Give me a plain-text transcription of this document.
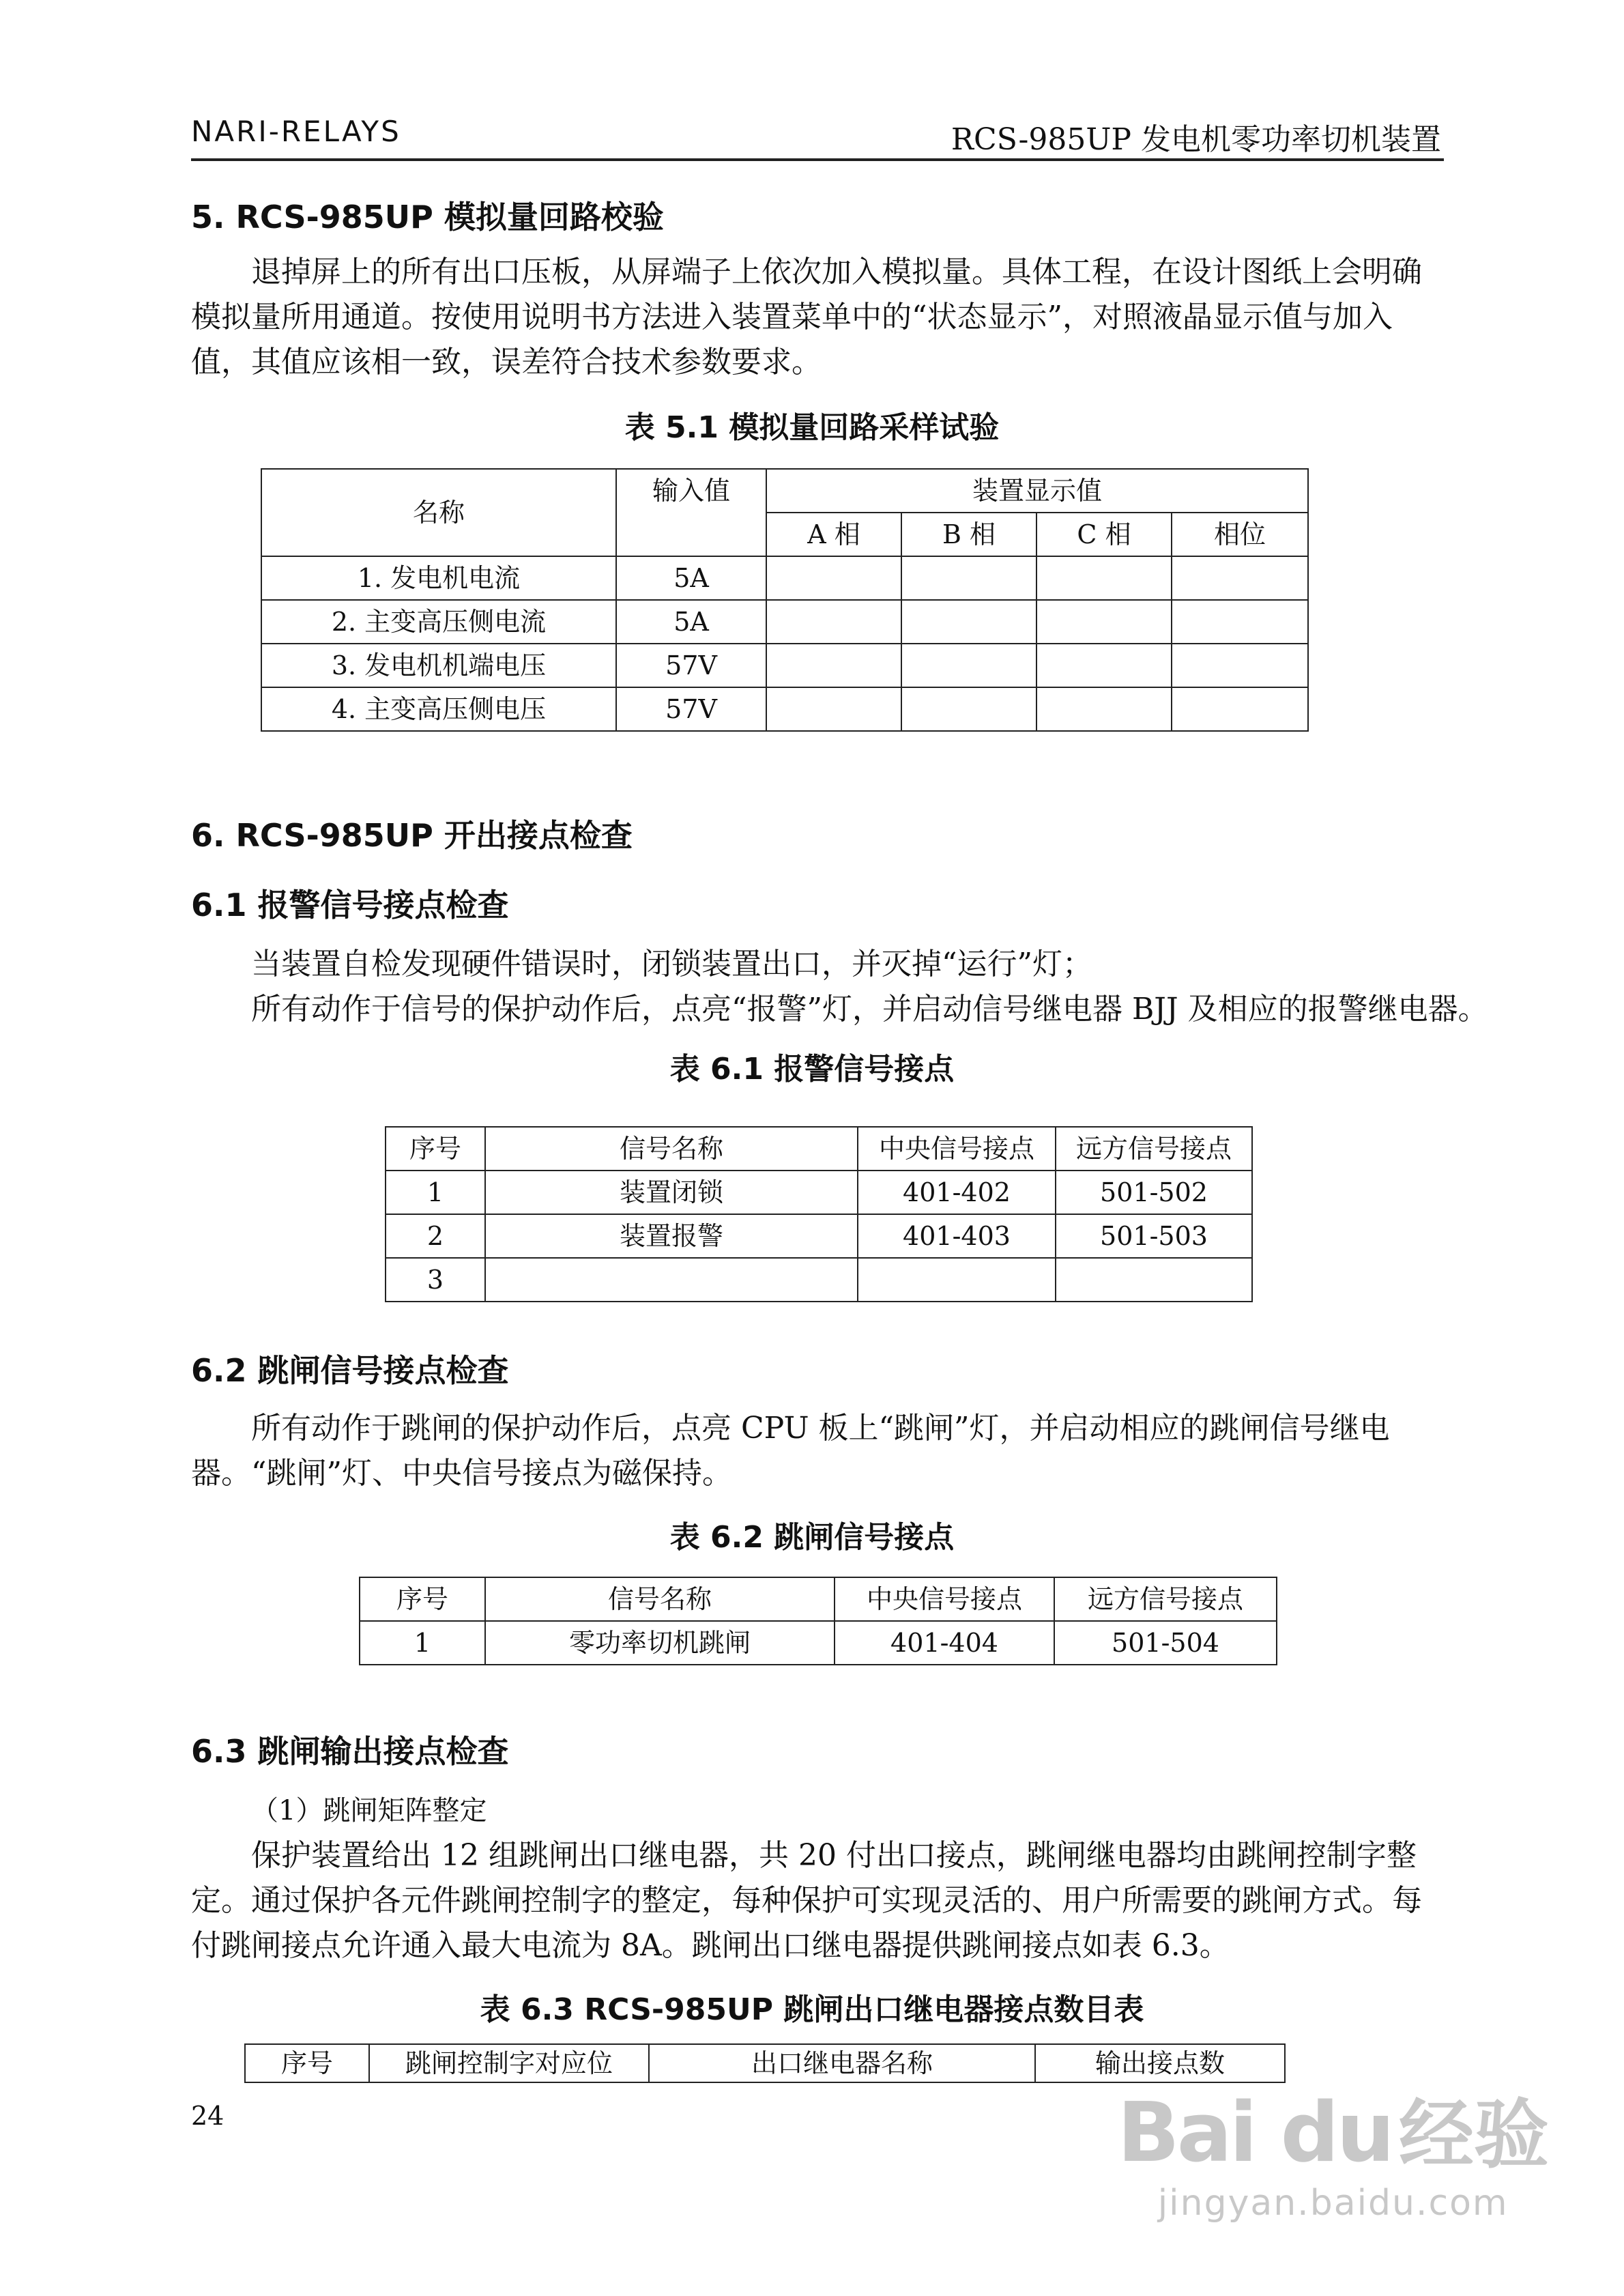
NARI-RELAYS	RCS-985UP 发电机零功率切机装置
5. RCS-985UP 模拟量回路校验
退掉屏上的所有出口压板，从屏端子上依次加入模拟量。具体工程，在设计图纸上会明确模拟量所用通道。按使用说明书方法进入装置菜单中的“状态显示”，对照液晶显示值与加入值，其值应该相一致，误差符合技术参数要求。
表 5.1 模拟量回路采样试验
名称	输入值	装置显示值			
		A 相	B 相	C 相	相位
1. 发电机电流	5A				
2. 主变高压侧电流	5A				
3. 发电机机端电压	57V				
4. 主变高压侧电压	57V				
6. RCS-985UP 开出接点检查
6.1 报警信号接点检查
当装置自检发现硬件错误时，闭锁装置出口，并灭掉“运行”灯；
所有动作于信号的保护动作后，点亮“报警”灯，并启动信号继电器 BJJ 及相应的报警继电器。
表 6.1 报警信号接点
序号	信号名称	中央信号接点	远方信号接点
1	装置闭锁	401-402	501-502
2	装置报警	401-403	501-503
3			
6.2 跳闸信号接点检查
所有动作于跳闸的保护动作后，点亮 CPU 板上“跳闸”灯，并启动相应的跳闸信号继电器。“跳闸”灯、中央信号接点为磁保持。
表 6.2 跳闸信号接点
序号	信号名称	中央信号接点	远方信号接点
1	零功率切机跳闸	401-404	501-504
6.3 跳闸输出接点检查
（1）跳闸矩阵整定
保护装置给出 12 组跳闸出口继电器，共 20 付出口接点，跳闸继电器均由跳闸控制字整定。通过保护各元件跳闸控制字的整定，每种保护可实现灵活的、用户所需要的跳闸方式。每付跳闸接点允许通入最大电流为 8A。跳闸出口继电器提供跳闸接点如表 6.3。
表 6.3 RCS-985UP 跳闸出口继电器接点数目表
序号	跳闸控制字对应位	出口继电器名称	输出接点数
24	Bai du经验
jingyan.baidu.com
